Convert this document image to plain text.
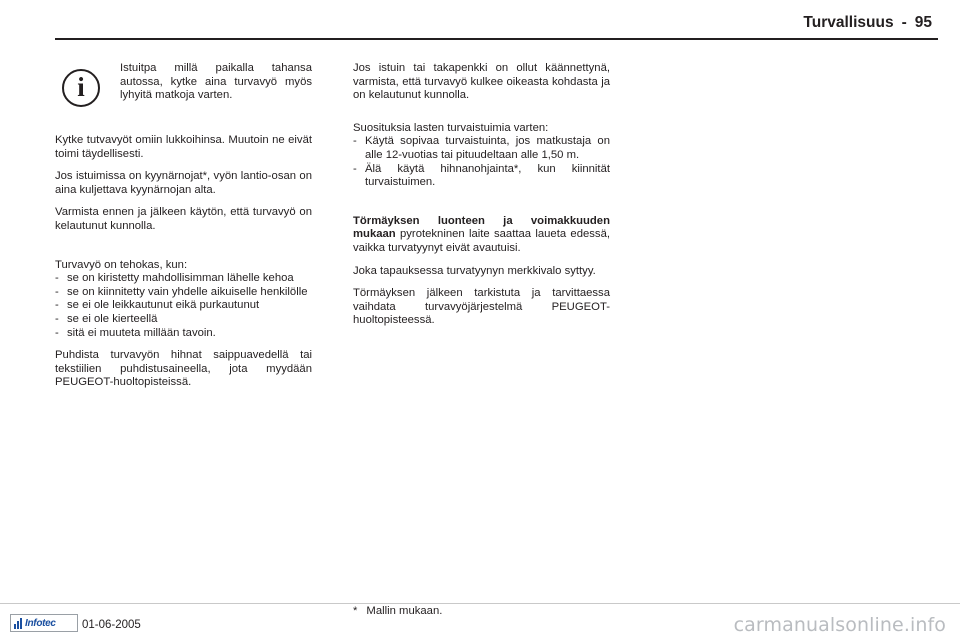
Turvallisuus - 95
i
Istuitpa millä paikalla tahansa autossa, kytke aina turvavyö myös lyhyitä matkoja varten.

Kytke tutvavyöt omiin lukkoihinsa. Muutoin ne eivät toimi täydellisesti.

Jos istuimissa on kyynärnojat*, vyön lantio-osan on aina kuljettava kyynärnojan alta.

Varmista ennen ja jälkeen käytön, että turvavyö on kelautunut kunnolla.

Turvavyö on tehokas, kun:

- se on kiristetty mahdollisimman lähelle kehoa
- se on kiinnitetty vain yhdelle aikuiselle henkilölle
- se ei ole leikkautunut eikä purkautunut
- se ei ole kierteellä
- sitä ei muuteta millään tavoin.

Puhdista turvavyön hihnat saippuavedellä tai tekstiilien puhdistusaineella, jota myydään PEUGEOT-huoltopisteissä.

Jos istuin tai takapenkki on ollut käännettynä, varmista, että turvavyö kulkee oikeasta kohdasta ja on kelautunut kunnolla.

Suosituksia lasten turvaistuimia varten:

- Käytä sopivaa turvaistuinta, jos matkustaja on alle 12-vuotias tai pituudeltaan alle 1,50 m.
- Älä käytä hihnanohjainta*, kun kiinnität turvaistuimen.

Törmäyksen luonteen ja voimakkuuden mukaan pyrotekninen laite saattaa laueta edessä, vaikka turvatyynyt eivät avautuisi.

Joka tapauksessa turvatyynyn merkkivalo syttyy.

Törmäyksen jälkeen tarkistuta ja tarvittaessa vaihdata turvavyöjärjestelmä PEUGEOT-huoltopisteessä.

* Mallin mukaan.
Infotec 01-06-2005	carmanualsonline.info
